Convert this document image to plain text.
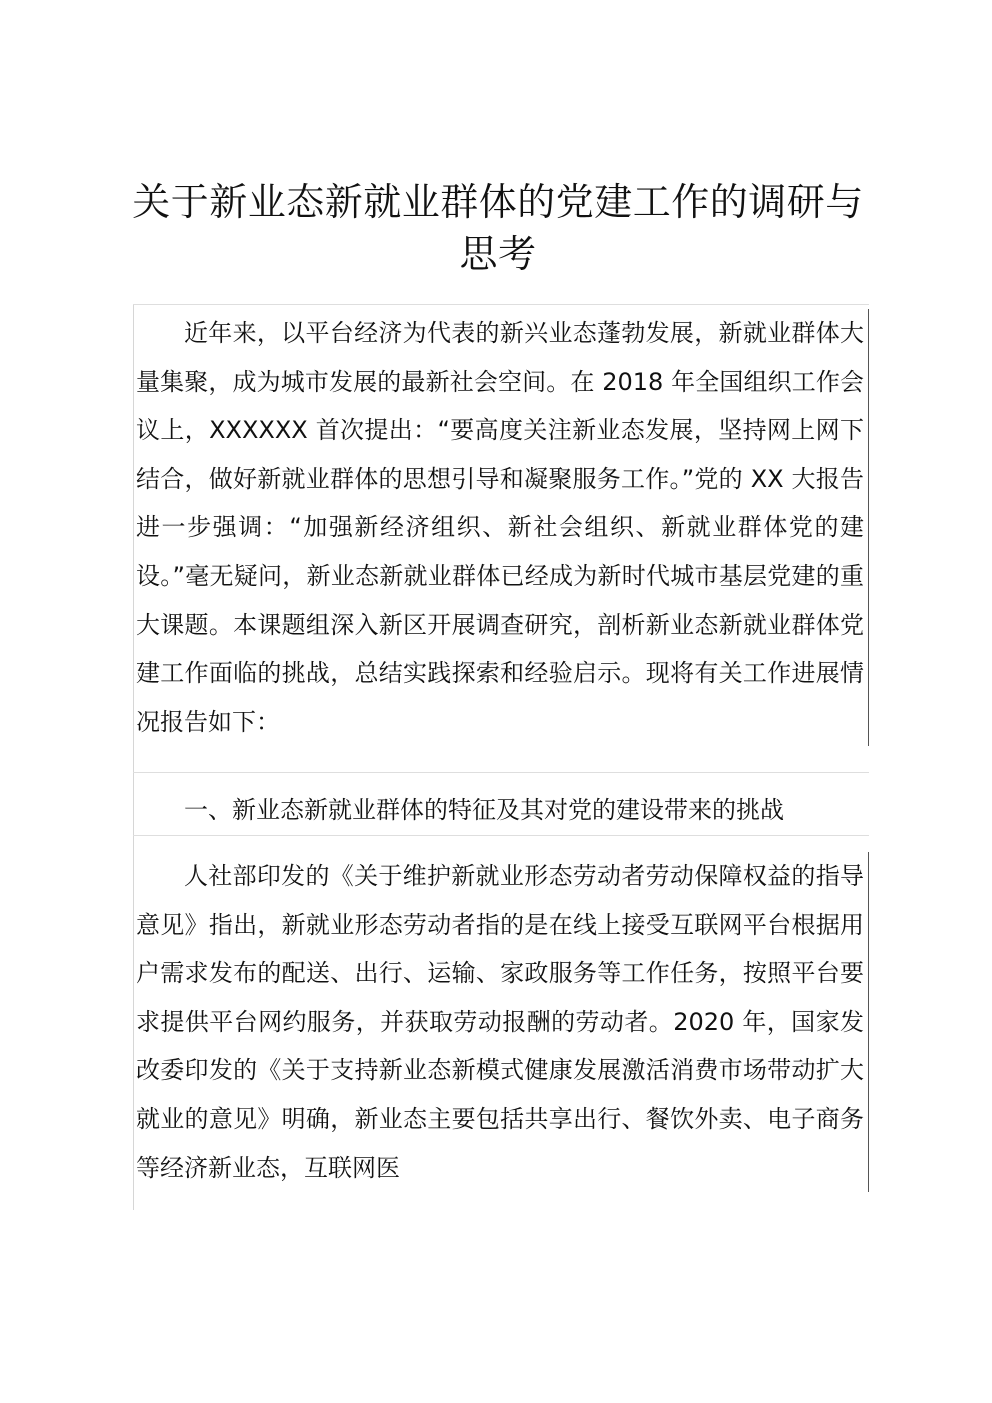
关于新业态新就业群体的党建工作的调研与思考

近年来，以平台经济为代表的新兴业态蓬勃发展，新就业群体大量集聚，成为城市发展的最新社会空间。在 2018 年全国组织工作会议上，XXXXXX 首次提出：“要高度关注新业态发展，坚持网上网下结合，做好新就业群体的思想引导和凝聚服务工作。”党的 XX 大报告进一步强调：“加强新经济组织、新社会组织、新就业群体党的建设。”毫无疑问，新业态新就业群体已经成为新时代城市基层党建的重大课题。本课题组深入新区开展调查研究，剖析新业态新就业群体党建工作面临的挑战，总结实践探索和经验启示。现将有关工作进展情况报告如下：

一、新业态新就业群体的特征及其对党的建设带来的挑战

人社部印发的《关于维护新就业形态劳动者劳动保障权益的指导意见》指出，新就业形态劳动者指的是在线上接受互联网平台根据用户需求发布的配送、出行、运输、家政服务等工作任务，按照平台要求提供平台网约服务，并获取劳动报酬的劳动者。2020 年，国家发改委印发的《关于支持新业态新模式健康发展激活消费市场带动扩大就业的意见》明确，新业态主要包括共享出行、餐饮外卖、电子商务等经济新业态，互联网医
